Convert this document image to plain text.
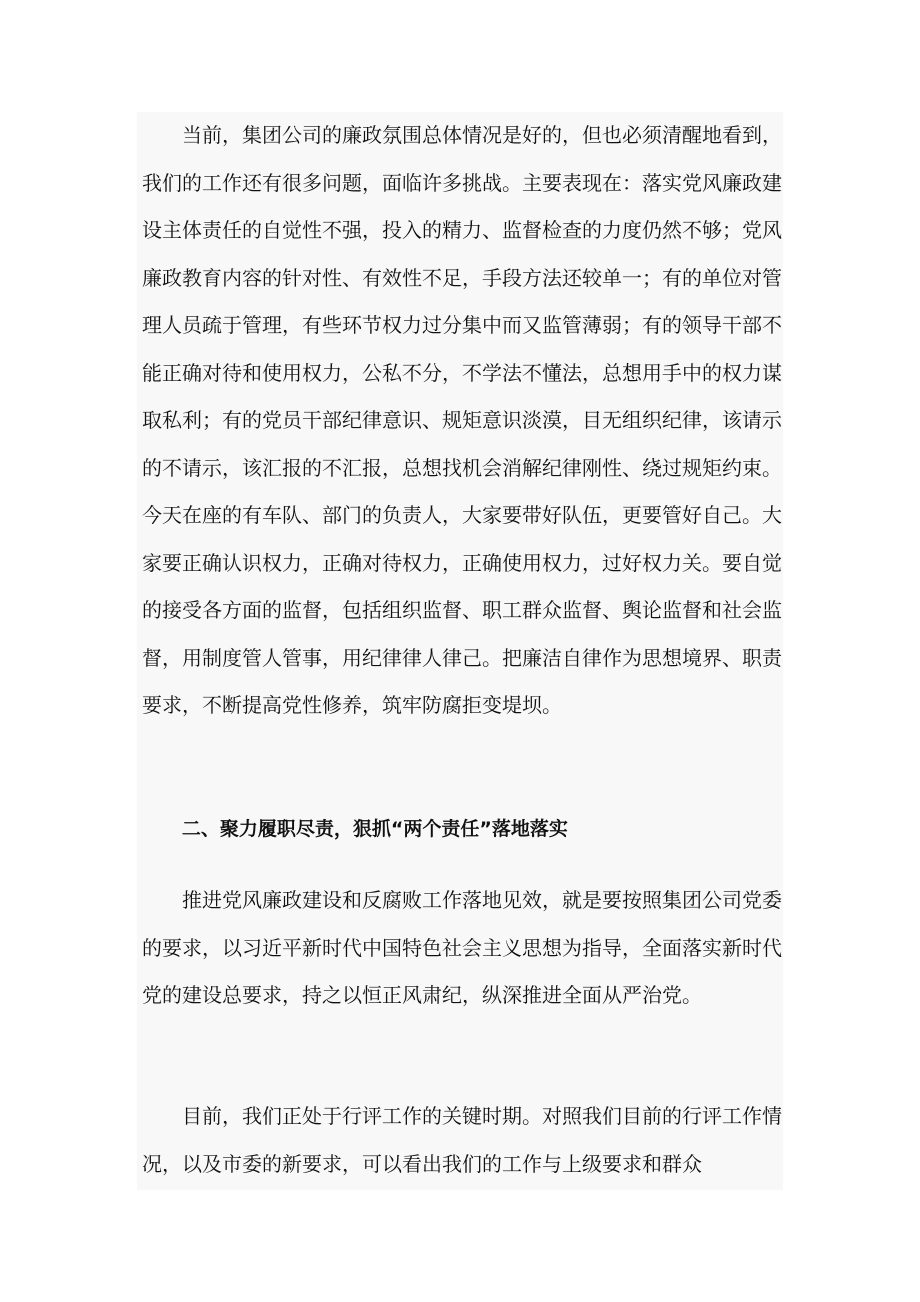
当前，集团公司的廉政氛围总体情况是好的，但也必须清醒地看到，我们的工作还有很多问题，面临许多挑战。主要表现在：落实党风廉政建设主体责任的自觉性不强，投入的精力、监督检查的力度仍然不够；党风廉政教育内容的针对性、有效性不足，手段方法还较单一；有的单位对管理人员疏于管理，有些环节权力过分集中而又监管薄弱；有的领导干部不能正确对待和使用权力，公私不分，不学法不懂法，总想用手中的权力谋取私利；有的党员干部纪律意识、规矩意识淡漠，目无组织纪律，该请示的不请示，该汇报的不汇报，总想找机会消解纪律刚性、绕过规矩约束。今天在座的有车队、部门的负责人，大家要带好队伍，更要管好自己。大家要正确认识权力，正确对待权力，正确使用权力，过好权力关。要自觉的接受各方面的监督，包括组织监督、职工群众监督、舆论监督和社会监督，用制度管人管事，用纪律律人律己。把廉洁自律作为思想境界、职责要求，不断提高党性修养，筑牢防腐拒变堤坝。

二、聚力履职尽责，狠抓“两个责任”落地落实

推进党风廉政建设和反腐败工作落地见效，就是要按照集团公司党委的要求，以习近平新时代中国特色社会主义思想为指导，全面落实新时代党的建设总要求，持之以恒正风肃纪，纵深推进全面从严治党。

目前，我们正处于行评工作的关键时期。对照我们目前的行评工作情况，以及市委的新要求，可以看出我们的工作与上级要求和群众
